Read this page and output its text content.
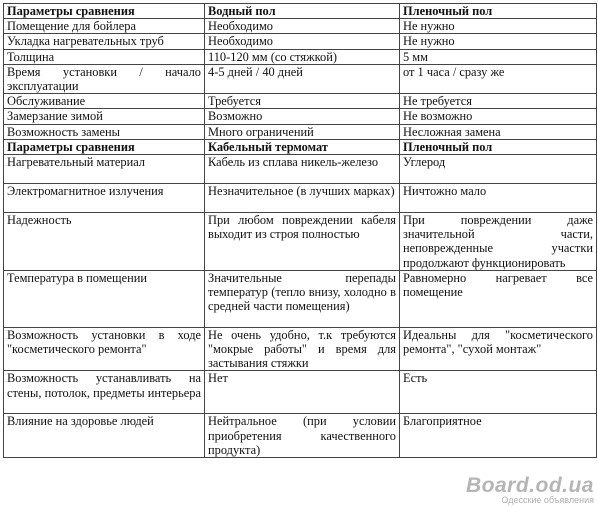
Параметры сравнения	Водный пол	Пленочный пол
Помещение для бойлера	Необходимо	Не нужно
Укладка нагревательных труб	Необходимо	Не нужно
Толщина	110-120 мм (со стяжкой)	5 мм
Время установки / начало эксплуатации	4-5 дней / 40 дней	от 1 часа / сразу же
Обслуживание	Требуется	Не требуется
Замерзание зимой	Возможно	Не возможно
Возможность замены	Много ограничений	Несложная замена
Параметры сравнения	Кабельный термомат	Пленочный пол
Нагревательный материал	Кабель из сплава никель-железо	Углерод
Электромагнитное излучения	Незначительное (в лучших марках)	Ничтожно мало
Надежность	При любом повреждении кабеля выходит из строя полностью	При повреждении даже значительной части, неповрежденные участки продолжают функционировать
Температура в помещении	Значительные перепады температур (тепло внизу, холодно в средней части помещения)	Равномерно нагревает все помещение
Возможность установки в ходе "косметического ремонта"	Не очень удобно, т.к требуются "мокрые работы" и время для застывания стяжки	Идеальны для "косметического ремонта", "сухой монтаж"
Возможность устанавливать на стены, потолок, предметы интерьера	Нет	Есть
Влияние на здоровье людей	Нейтральное (при условии приобретения качественного продукта)	Благоприятное
Board.od.ua
Одесские объявления
